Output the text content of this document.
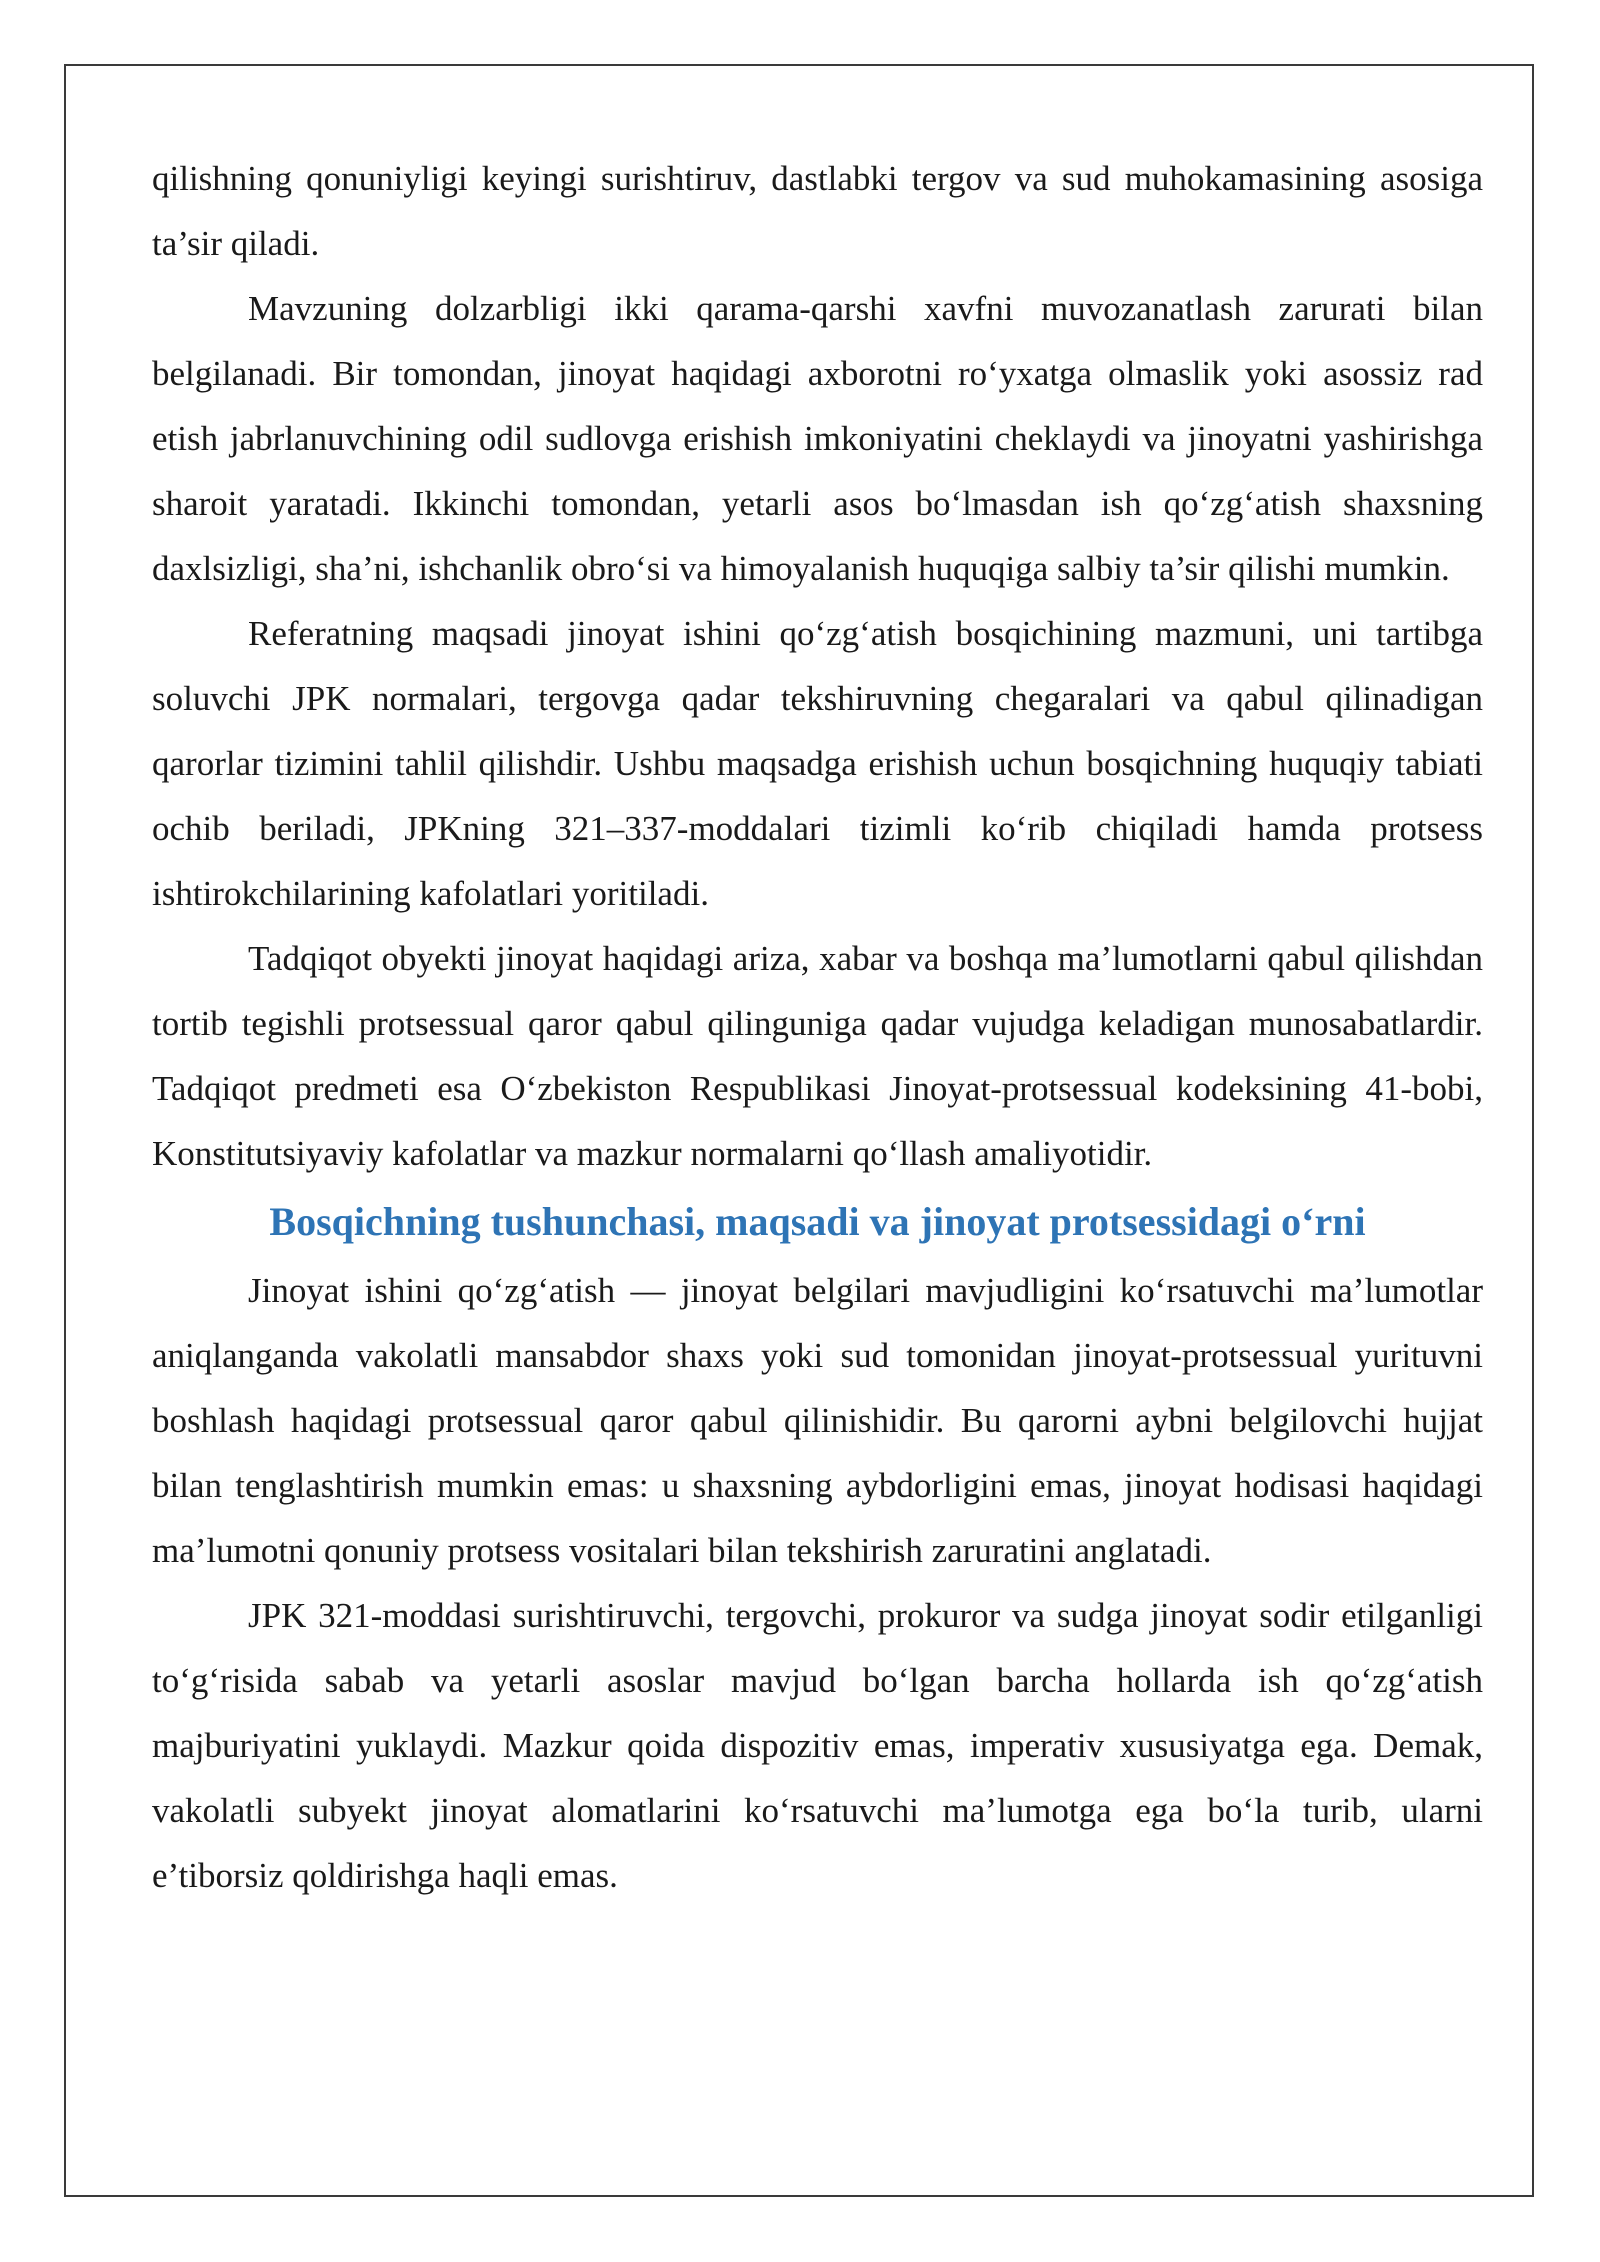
qilishning qonuniyligi keyingi surishtiruv, dastlabki tergov va sud muhokamasining asosiga ta’sir qiladi.

Mavzuning dolzarbligi ikki qarama-qarshi xavfni muvozanatlash zarurati bilan belgilanadi. Bir tomondan, jinoyat haqidagi axborotni ro‘yxatga olmaslik yoki asossiz rad etish jabrlanuvchining odil sudlovga erishish imkoniyatini cheklaydi va jinoyatni yashirishga sharoit yaratadi. Ikkinchi tomondan, yetarli asos bo‘lmasdan ish qo‘zg‘atish shaxsning daxlsizligi, sha’ni, ishchanlik obro‘si va himoyalanish huquqiga salbiy ta’sir qilishi mumkin.

Referatning maqsadi jinoyat ishini qo‘zg‘atish bosqichining mazmuni, uni tartibga soluvchi JPK normalari, tergovga qadar tekshiruvning chegaralari va qabul qilinadigan qarorlar tizimini tahlil qilishdir. Ushbu maqsadga erishish uchun bosqichning huquqiy tabiati ochib beriladi, JPKning 321–337-moddalari tizimli ko‘rib chiqiladi hamda protsess ishtirokchilarining kafolatlari yoritiladi.

Tadqiqot obyekti jinoyat haqidagi ariza, xabar va boshqa ma’lumotlarni qabul qilishdan tortib tegishli protsessual qaror qabul qilinguniga qadar vujudga keladigan munosabatlardir. Tadqiqot predmeti esa O‘zbekiston Respublikasi Jinoyat-protsessual kodeksining 41-bobi, Konstitutsiyaviy kafolatlar va mazkur normalarni qo‘llash amaliyotidir.

Bosqichning tushunchasi, maqsadi va jinoyat protsessidagi o‘rni

Jinoyat ishini qo‘zg‘atish — jinoyat belgilari mavjudligini ko‘rsatuvchi ma’lumotlar aniqlanganda vakolatli mansabdor shaxs yoki sud tomonidan jinoyat-protsessual yurituvni boshlash haqidagi protsessual qaror qabul qilinishidir. Bu qarorni aybni belgilovchi hujjat bilan tenglashtirish mumkin emas: u shaxsning aybdorligini emas, jinoyat hodisasi haqidagi ma’lumotni qonuniy protsess vositalari bilan tekshirish zaruratini anglatadi.

JPK 321-moddasi surishtiruvchi, tergovchi, prokuror va sudga jinoyat sodir etilganligi to‘g‘risida sabab va yetarli asoslar mavjud bo‘lgan barcha hollarda ish qo‘zg‘atish majburiyatini yuklaydi. Mazkur qoida dispozitiv emas, imperativ xususiyatga ega. Demak, vakolatli subyekt jinoyat alomatlarini ko‘rsatuvchi ma’lumotga ega bo‘la turib, ularni e’tiborsiz qoldirishga haqli emas.
